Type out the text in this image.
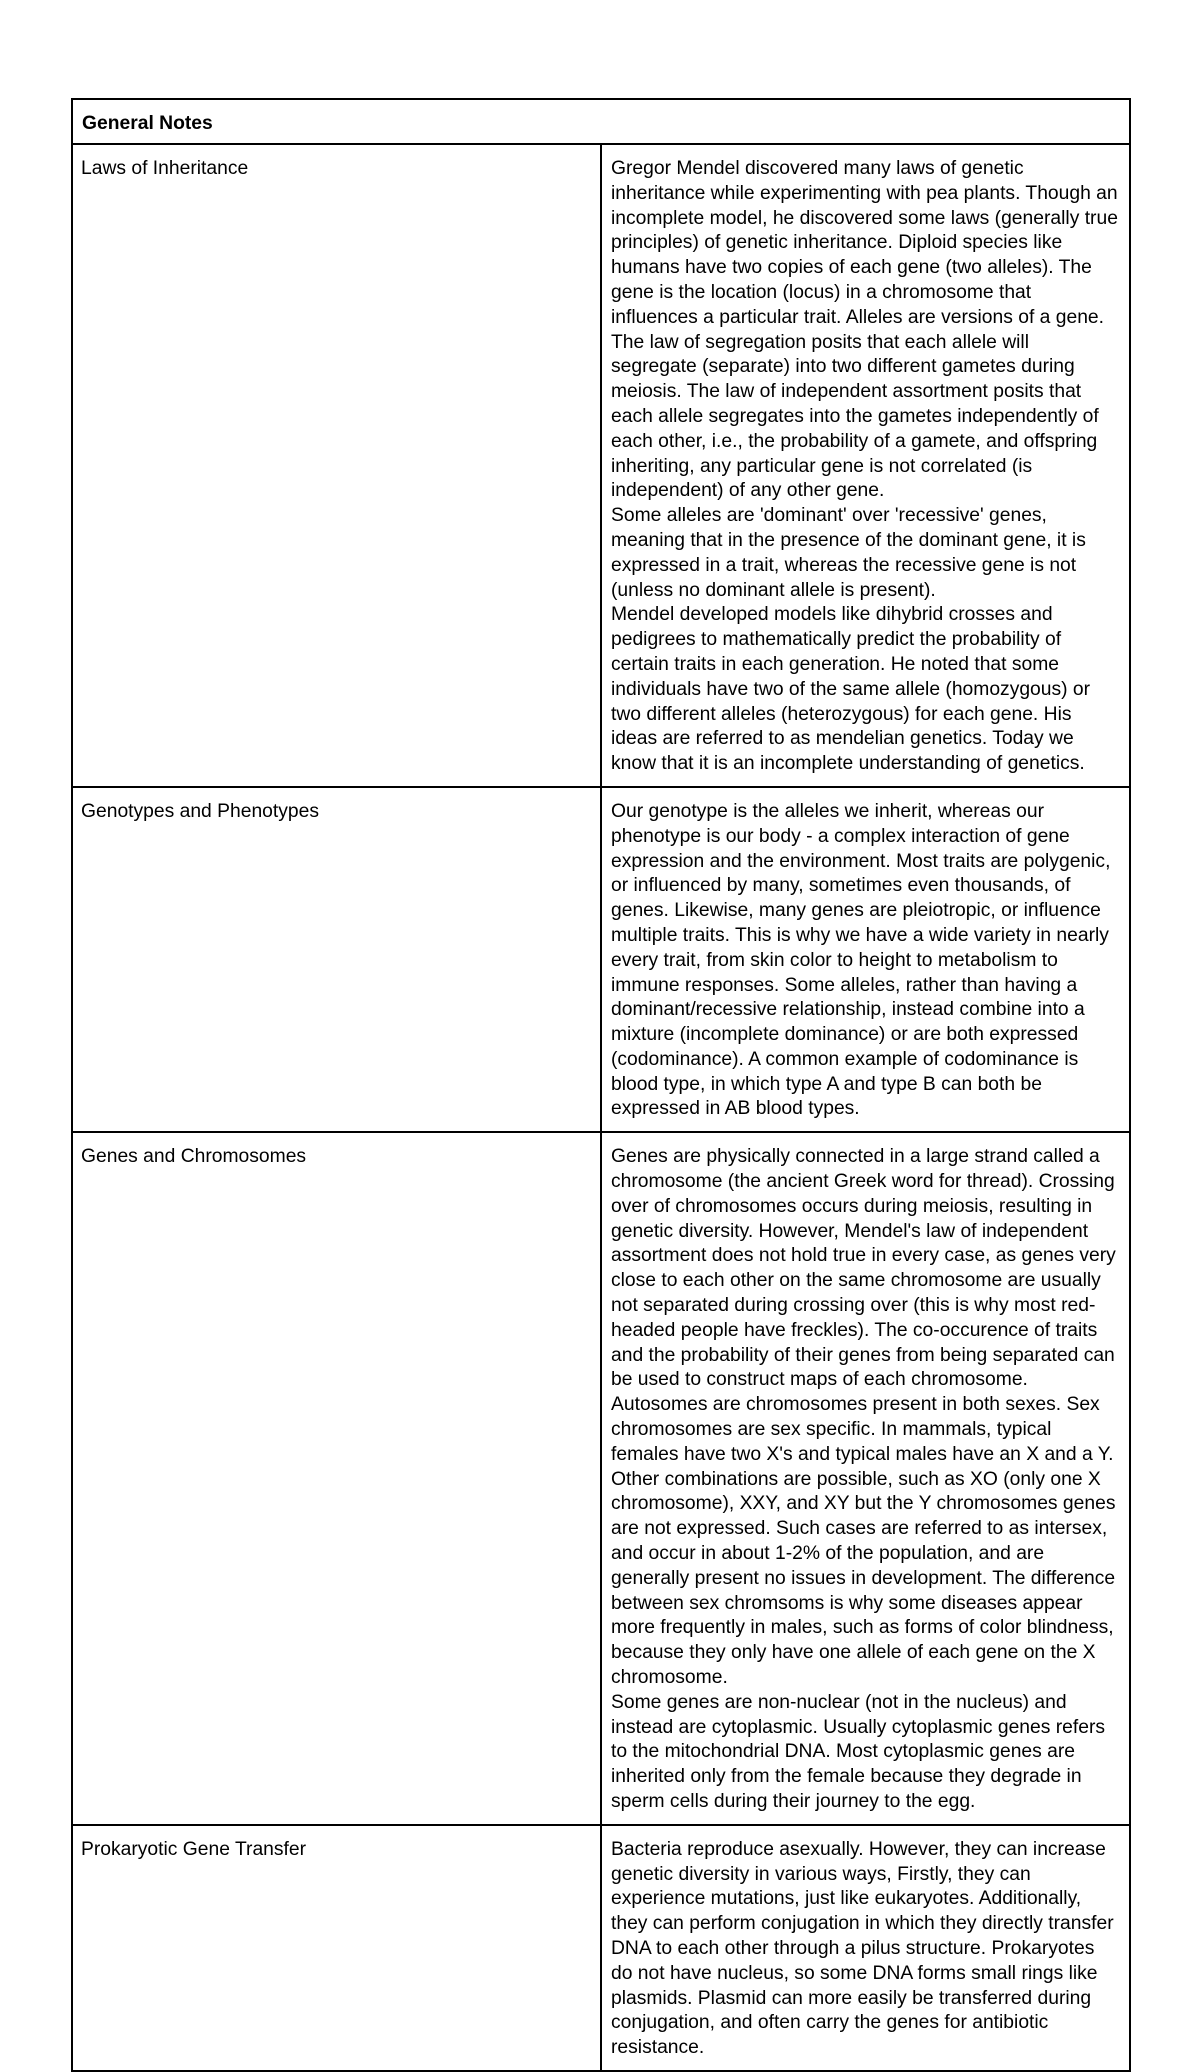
General Notes	
Laws of Inheritance	Gregor Mendel discovered many laws of genetic inheritance while experimenting with pea plants. Though an incomplete model, he discovered some laws (generally true principles) of genetic inheritance. Diploid species like humans have two copies of each gene (two alleles). The gene is the location (locus) in a chromosome that influences a particular trait. Alleles are versions of a gene. The law of segregation posits that each allele will segregate (separate) into two different gametes during meiosis. The law of independent assortment posits that each allele segregates into the gametes independently of each other, i.e., the probability of a gamete, and offspring inheriting, any particular gene is not correlated (is independent) of any other gene.
Some alleles are 'dominant' over 'recessive' genes, meaning that in the presence of the dominant gene, it is expressed in a trait, whereas the recessive gene is not (unless no dominant allele is present).
Mendel developed models like dihybrid crosses and pedigrees to mathematically predict the probability of certain traits in each generation. He noted that some individuals have two of the same allele (homozygous) or two different alleles (heterozygous) for each gene. His ideas are referred to as mendelian genetics. Today we know that it is an incomplete understanding of genetics.

Genotypes and Phenotypes	Our genotype is the alleles we inherit, whereas our phenotype is our body - a complex interaction of gene expression and the environment. Most traits are polygenic, or influenced by many, sometimes even thousands, of genes. Likewise, many genes are pleiotropic, or influence multiple traits. This is why we have a wide variety in nearly every trait, from skin color to height to metabolism to immune responses. Some alleles, rather than having a dominant/recessive relationship, instead combine into a mixture (incomplete dominance) or are both expressed (codominance). A common example of codominance is blood type, in which type A and type B can both be expressed in AB blood types.

Genes and Chromosomes	Genes are physically connected in a large strand called a chromosome (the ancient Greek word for thread). Crossing over of chromosomes occurs during meiosis, resulting in genetic diversity. However, Mendel's law of independent assortment does not hold true in every case, as genes very close to each other on the same chromosome are usually not separated during crossing over (this is why most red-headed people have freckles). The co-occurence of traits and the probability of their genes from being separated can be used to construct maps of each chromosome.
Autosomes are chromosomes present in both sexes. Sex chromosomes are sex specific. In mammals, typical females have two X's and typical males have an X and a Y. Other combinations are possible, such as XO (only one X chromosome), XXY, and XY but the Y chromosomes genes are not expressed. Such cases are referred to as intersex, and occur in about 1-2% of the population, and are generally present no issues in development. The difference between sex chromsoms is why some diseases appear more frequently in males, such as forms of color blindness, because they only have one allele of each gene on the X chromosome.
Some genes are non-nuclear (not in the nucleus) and instead are cytoplasmic. Usually cytoplasmic genes refers to the mitochondrial DNA. Most cytoplasmic genes are inherited only from the female because they degrade in sperm cells during their journey to the egg.

Prokaryotic Gene Transfer	Bacteria reproduce asexually. However, they can increase genetic diversity in various ways, Firstly, they can experience mutations, just like eukaryotes. Additionally, they can perform conjugation in which they directly transfer DNA to each other through a pilus structure. Prokaryotes do not have nucleus, so some DNA forms small rings like plasmids. Plasmid can more easily be transferred during conjugation, and often carry the genes for antibiotic resistance.
